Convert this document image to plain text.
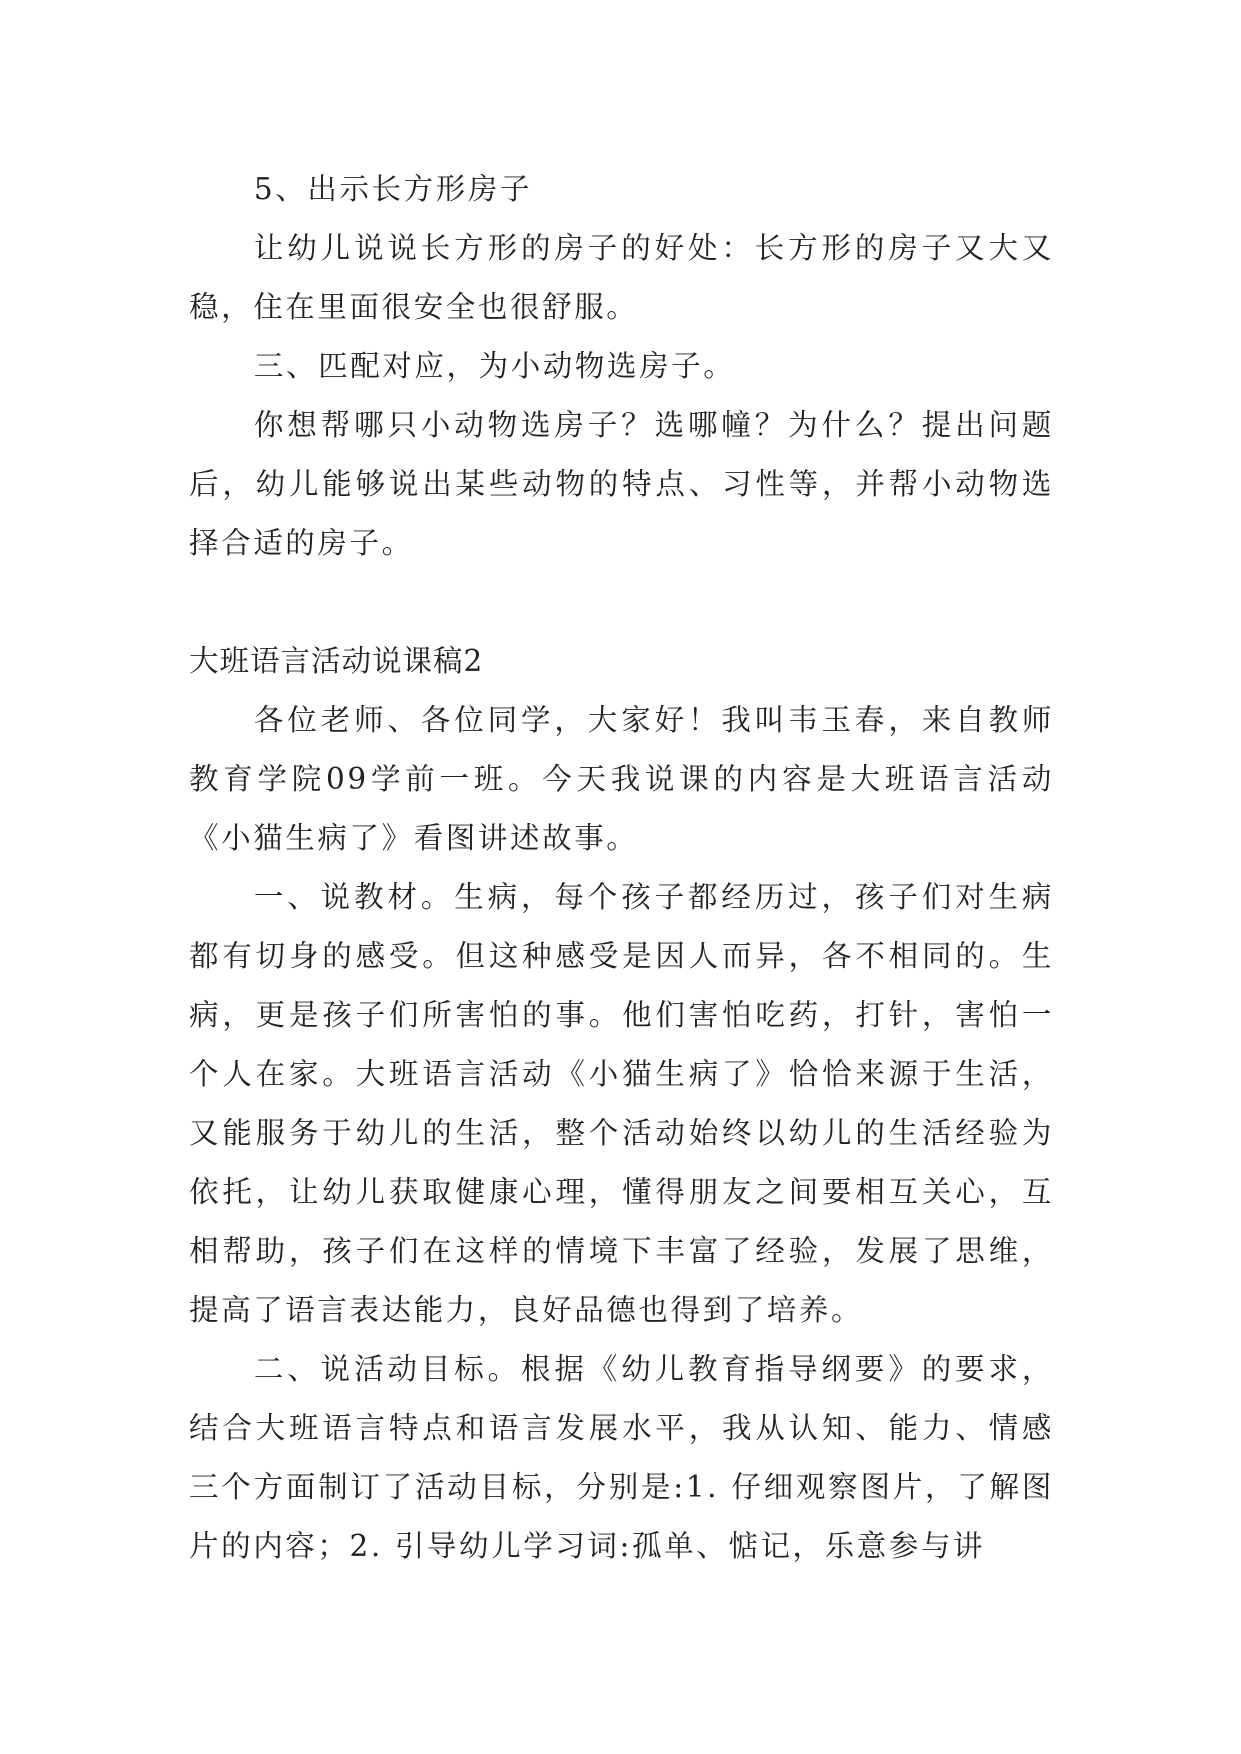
5、出示长方形房子

让幼儿说说长方形的房子的好处：长方形的房子又大又稳，住在里面很安全也很舒服。

三、匹配对应，为小动物选房子。

你想帮哪只小动物选房子？选哪幢？为什么？提出问题后，幼儿能够说出某些动物的特点、习性等，并帮小动物选择合适的房子。

大班语言活动说课稿2

各位老师、各位同学，大家好！我叫韦玉春，来自教师教育学院09学前一班。今天我说课的内容是大班语言活动《小猫生病了》看图讲述故事。

一、说教材。生病，每个孩子都经历过，孩子们对生病都有切身的感受。但这种感受是因人而异，各不相同的。生病，更是孩子们所害怕的事。他们害怕吃药，打针，害怕一个人在家。大班语言活动《小猫生病了》恰恰来源于生活，又能服务于幼儿的生活，整个活动始终以幼儿的生活经验为依托，让幼儿获取健康心理，懂得朋友之间要相互关心，互相帮助，孩子们在这样的情境下丰富了经验，发展了思维，提高了语言表达能力，良好品德也得到了培养。

二、说活动目标。根据《幼儿教育指导纲要》的要求，结合大班语言特点和语言发展水平，我从认知、能力、情感三个方面制订了活动目标，分别是:1. 仔细观察图片，了解图片的内容；2. 引导幼儿学习词:孤单、惦记，乐意参与讲
